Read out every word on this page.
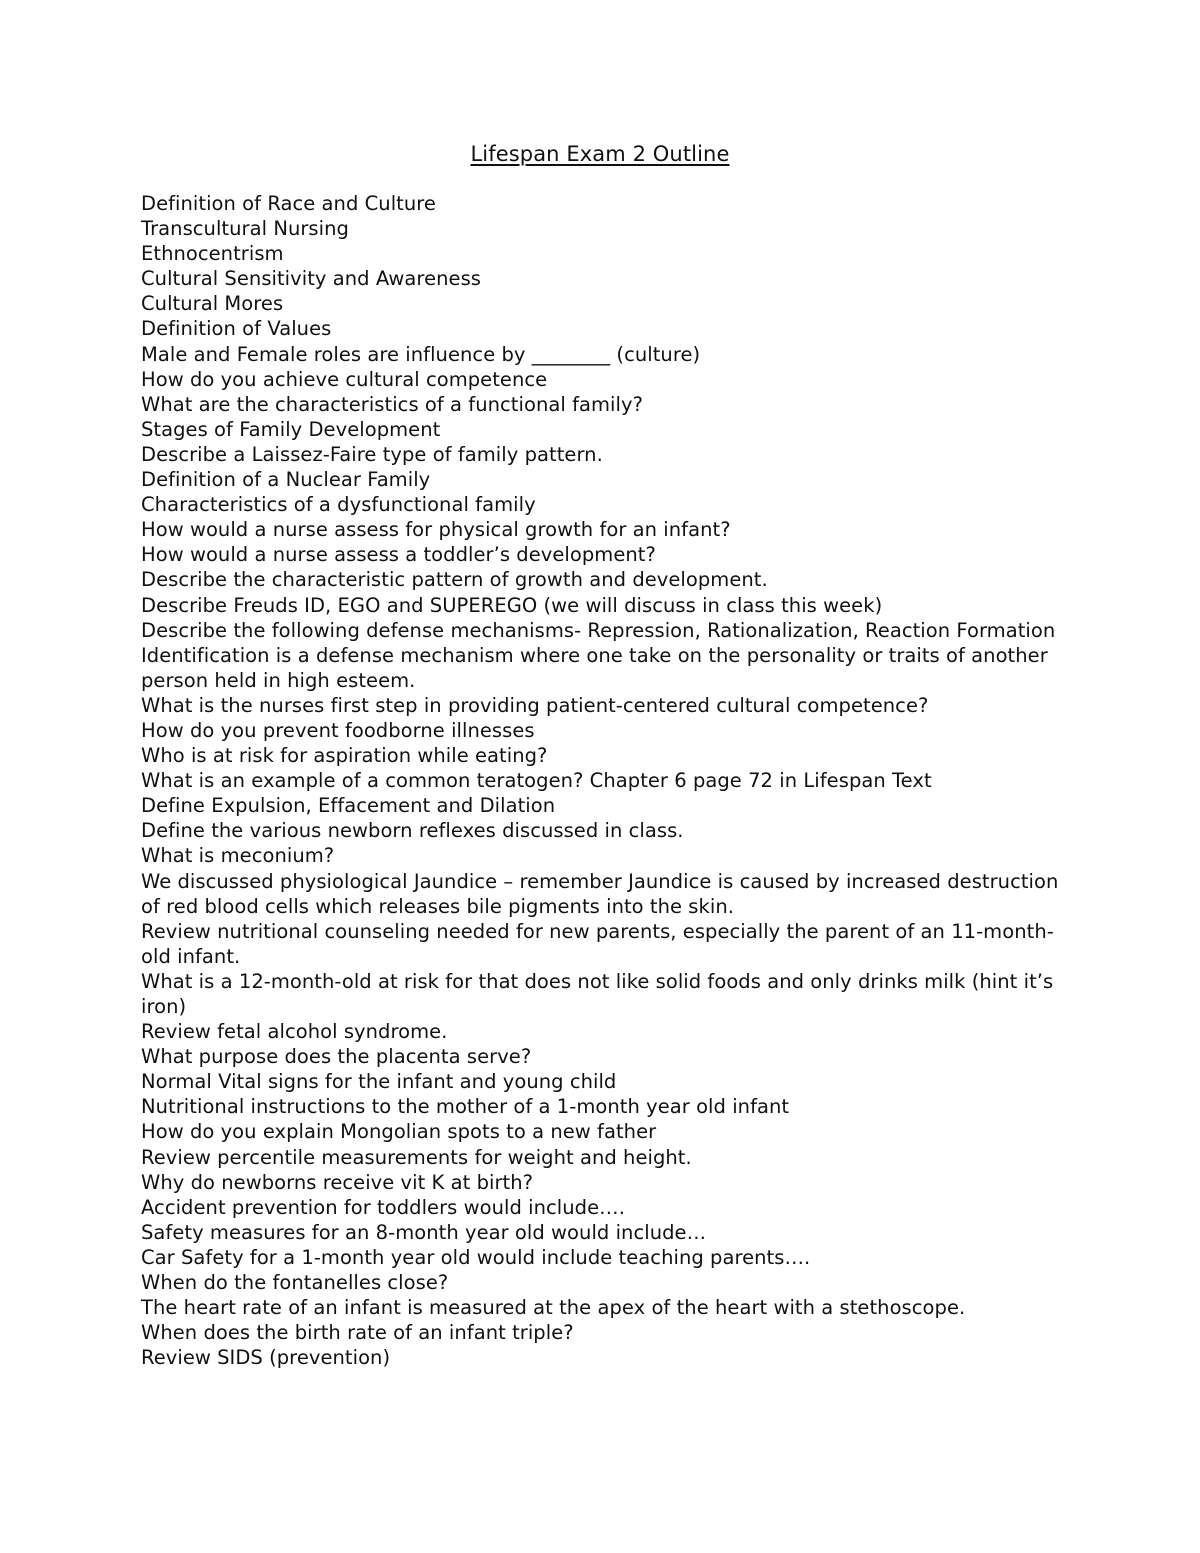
Lifespan Exam 2 Outline
Definition of Race and Culture
Transcultural Nursing
Ethnocentrism
Cultural Sensitivity and Awareness
Cultural Mores
Definition of Values
Male and Female roles are influence by ________ (culture)
How do you achieve cultural competence
What are the characteristics of a functional family?
Stages of Family Development
Describe a Laissez-Faire type of family pattern.
Definition of a Nuclear Family
Characteristics of a dysfunctional family
How would a nurse assess for physical growth for an infant?
How would a nurse assess a toddler’s development?
Describe the characteristic pattern of growth and development.
Describe Freuds ID, EGO and SUPEREGO (we will discuss in class this week)
Describe the following defense mechanisms- Repression, Rationalization, Reaction Formation
Identification is a defense mechanism where one take on the personality or traits of another person held in high esteem.
What is the nurses first step in providing patient-centered cultural competence?
How do you prevent foodborne illnesses
Who is at risk for aspiration while eating?
What is an example of a common teratogen? Chapter 6 page 72 in Lifespan Text
Define Expulsion, Effacement and Dilation
Define the various newborn reflexes discussed in class.
What is meconium?
We discussed physiological Jaundice – remember Jaundice is caused by increased destruction of red blood cells which releases bile pigments into the skin.
Review nutritional counseling needed for new parents, especially the parent of an 11-month-old infant.
What is a 12-month-old at risk for that does not like solid foods and only drinks milk (hint it’s iron)
Review fetal alcohol syndrome.
What purpose does the placenta serve?
Normal Vital signs for the infant and young child
Nutritional instructions to the mother of a 1-month year old infant
How do you explain Mongolian spots to a new father
Review percentile measurements for weight and height.
Why do newborns receive vit K at birth?
Accident prevention for toddlers would include….
Safety measures for an 8-month year old would include…
Car Safety for a 1-month year old would include teaching parents….
When do the fontanelles close?
The heart rate of an infant is measured at the apex of the heart with a stethoscope.
When does the birth rate of an infant triple?
Review SIDS (prevention)
